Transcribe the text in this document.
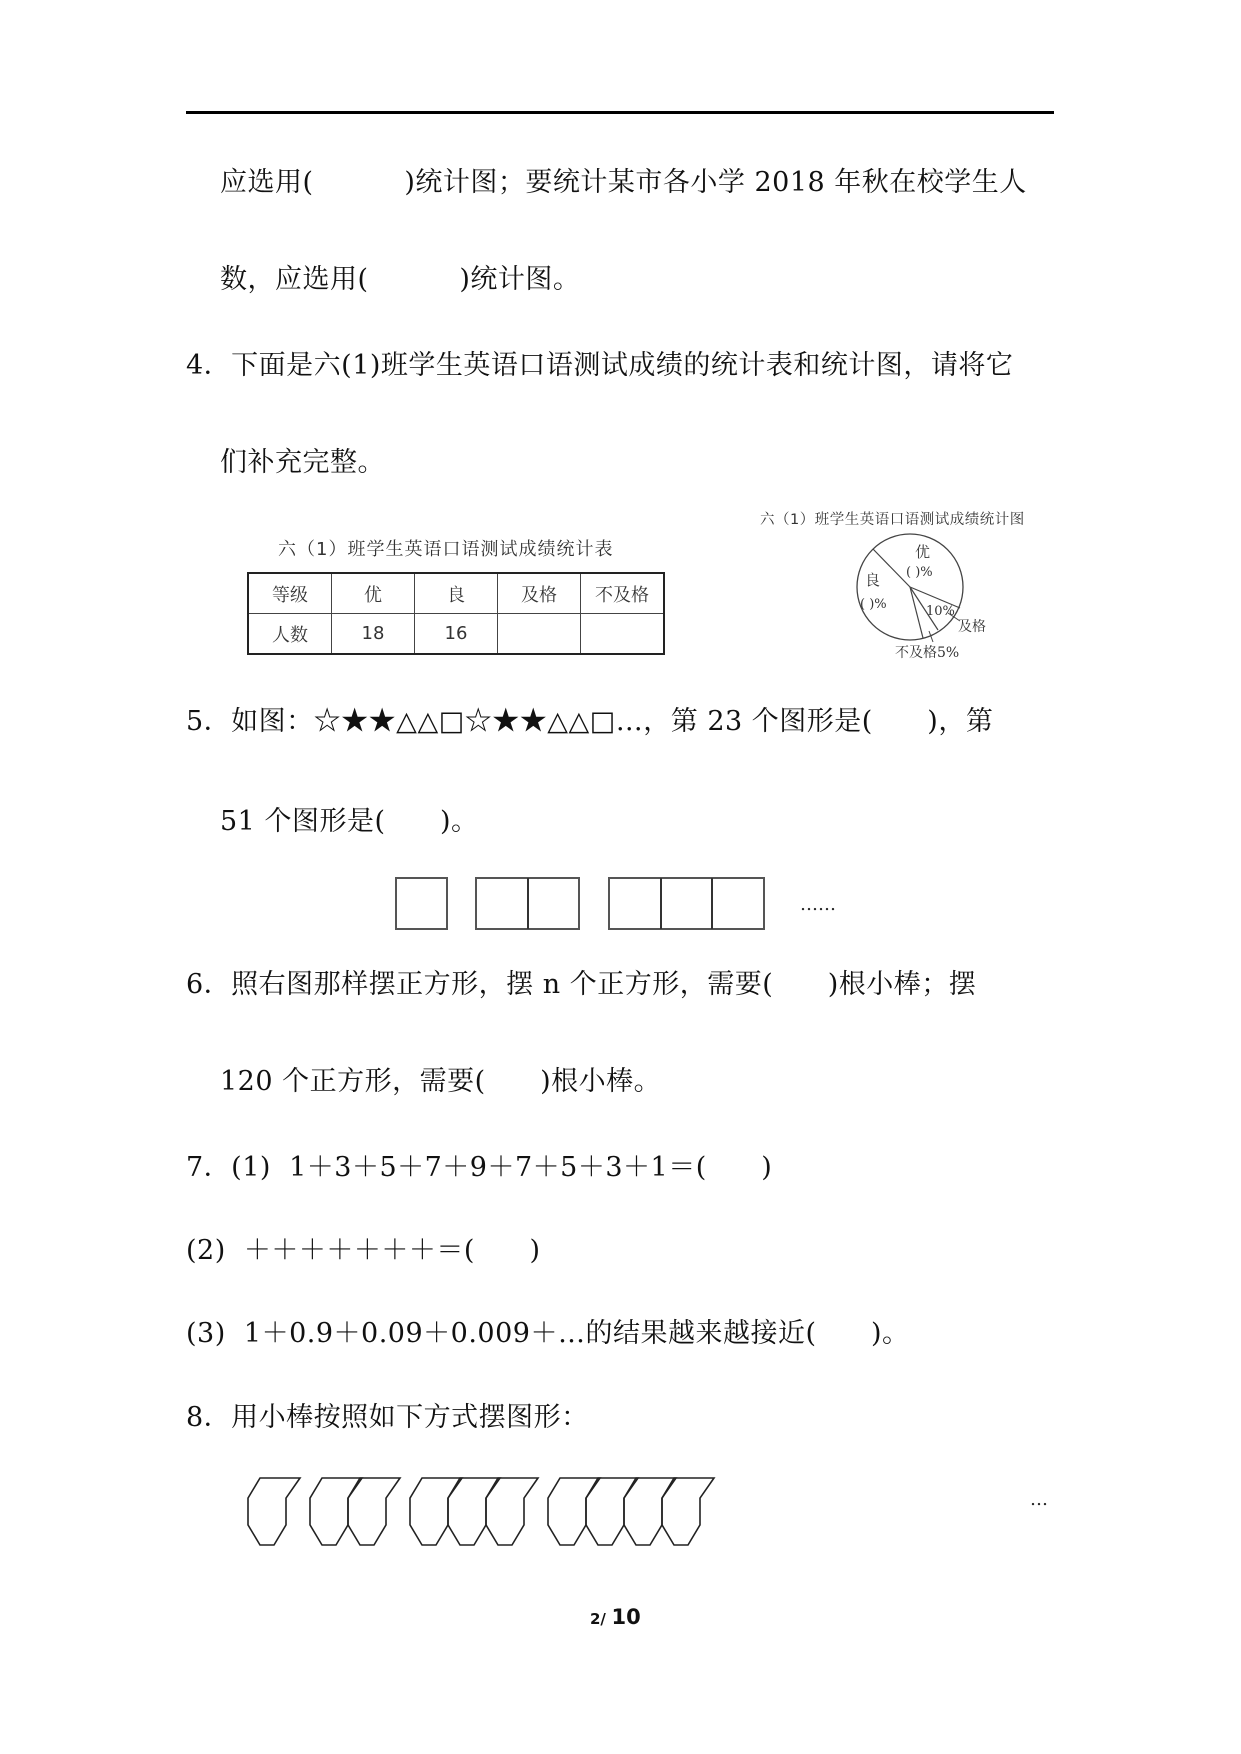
应选用(          )统计图；要统计某市各小学 2018 年秋在校学生人
数，应选用(          )统计图。
4．下面是六(1)班学生英语口语测试成绩的统计表和统计图，请将它
们补充完整。
六（1）班学生英语口语测试成绩统计表
等级	优	良	及格	不及格
人数	18	16		
六（1）班学生英语口语测试成绩统计图
优
( )%
良
( )%	10%
及格
不及格5%
5．如图：☆★★△△□☆★★△△□…，第 23 个图形是(      )，第
51 个图形是(      )。
……
6．照右图那样摆正方形，摆 n 个正方形，需要(      )根小棒；摆
120 个正方形，需要(      )根小棒。
7．(1)  1＋3＋5＋7＋9＋7＋5＋3＋1＝(      )
(2)  ＋＋＋＋＋＋＋＝(      )
(3)  1＋0.9＋0.09＋0.009＋…的结果越来越接近(      )。
8．用小棒按照如下方式摆图形：
…
2/ 10
